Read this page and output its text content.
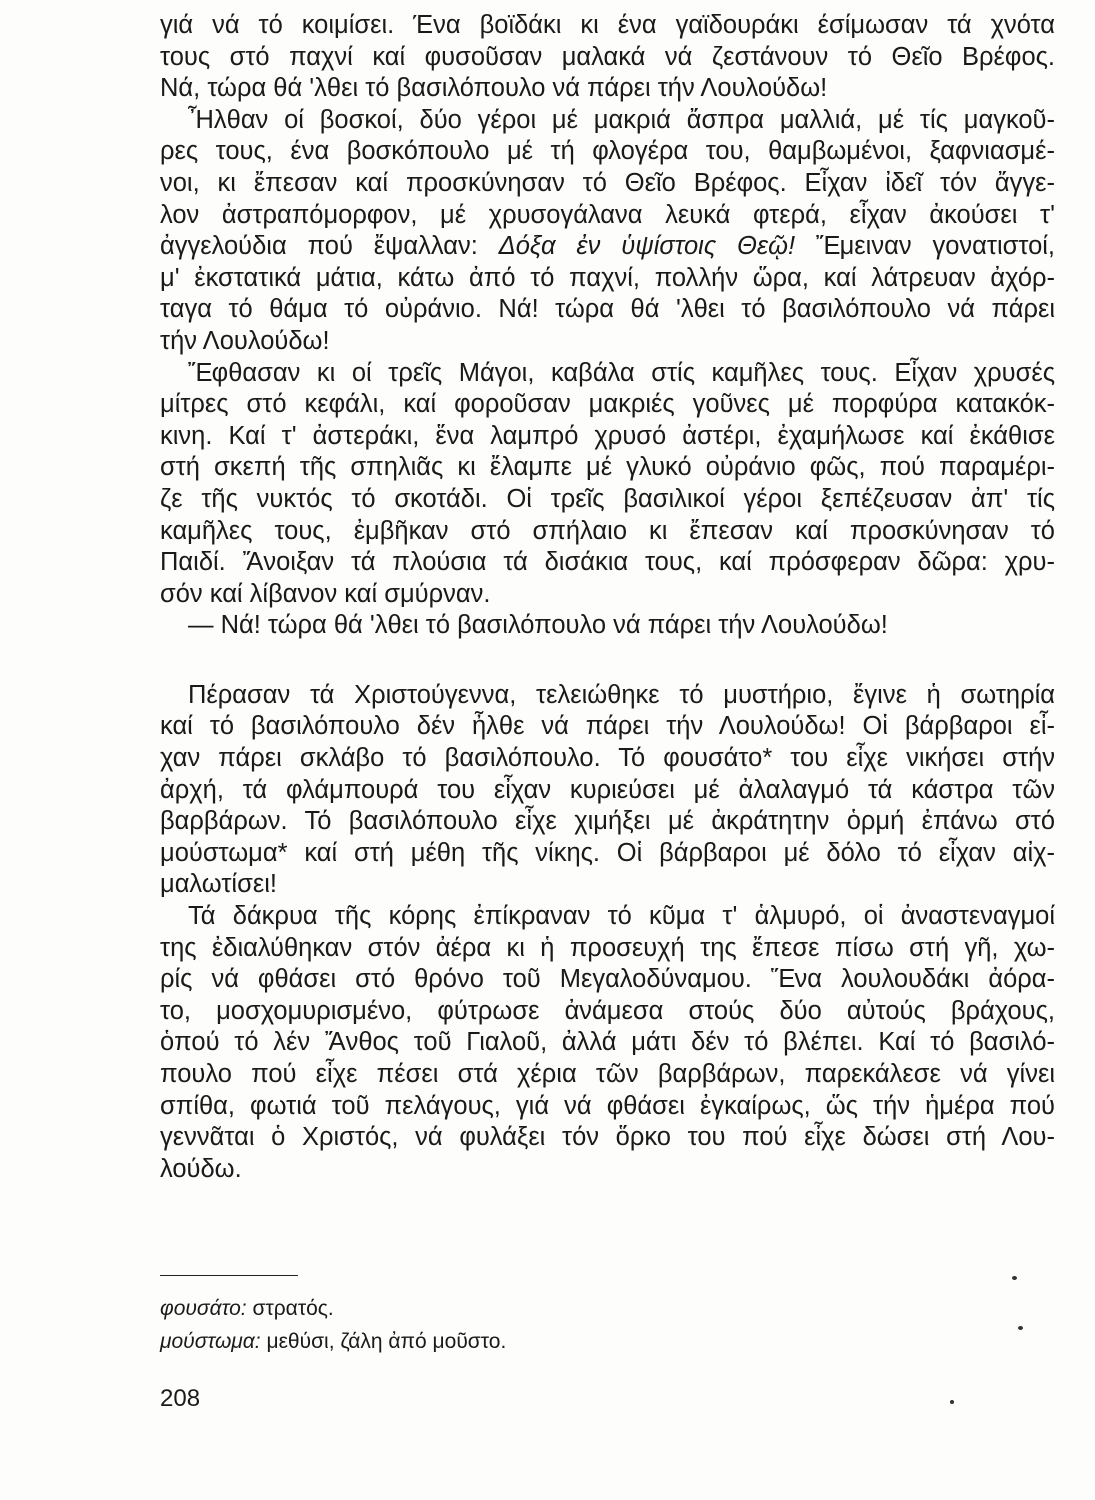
γιά νά τό κοιμίσει. Ένα βοϊδάκι κι ένα γαϊδουράκι έσίμωσαν τά χνότα
τους στό παχνί καί φυσοῦσαν μαλακά νά ζεστάνουν τό Θεῖο Βρέφος.
Νά, τώρα θά 'λθει τό βασιλόπουλο νά πάρει τήν Λουλούδω!
Ἦλθαν οί βοσκοί, δύο γέροι μέ μακριά ἄσπρα μαλλιά, μέ τίς μαγκοῦ-
ρες τους, ένα βοσκόπουλο μέ τή φλογέρα του, θαμβωμένοι, ξαφνιασμέ-
νοι, κι ἔπεσαν καί προσκύνησαν τό Θεῖο Βρέφος. Εἶχαν ἰδεῖ τόν ἄγγε-
λον ἀστραπόμορφον, μέ χρυσογάλανα λευκά φτερά, εἶχαν ἀκούσει τ'
ἀγγελούδια πού ἔψαλλαν: Δόξα ἐν ὑψίστοις Θεῷ! Ἔμειναν γονατιστοί,
μ' ἐκστατικά μάτια, κάτω ἀπό τό παχνί, πολλήν ὥρα, καί λάτρευαν ἀχόρ-
ταγα τό θάμα τό οὐράνιο. Νά! τώρα θά 'λθει τό βασιλόπουλο νά πάρει
τήν Λουλούδω!
Ἔφθασαν κι οί τρεῖς Μάγοι, καβάλα στίς καμῆλες τους. Εἶχαν χρυσές
μίτρες στό κεφάλι, καί φοροῦσαν μακριές γοῦνες μέ πορφύρα κατακόκ-
κινη. Καί τ' ἀστεράκι, ἕνα λαμπρό χρυσό ἀστέρι, ἐχαμήλωσε καί ἐκάθισε
στή σκεπή τῆς σπηλιᾶς κι ἔλαμπε μέ γλυκό οὐράνιο φῶς, πού παραμέρι-
ζε τῆς νυκτός τό σκοτάδι. Οἱ τρεῖς βασιλικοί γέροι ξεπέζευσαν ἀπ' τίς
καμῆλες τους, ἐμβῆκαν στό σπήλαιο κι ἔπεσαν καί προσκύνησαν τό
Παιδί. Ἄνοιξαν τά πλούσια τά δισάκια τους, καί πρόσφεραν δῶρα: χρυ-
σόν καί λίβανον καί σμύρναν.
— Νά! τώρα θά 'λθει τό βασιλόπουλο νά πάρει τήν Λουλούδω!
Πέρασαν τά Χριστούγεννα, τελειώθηκε τό μυστήριο, ἔγινε ἡ σωτηρία
καί τό βασιλόπουλο δέν ἦλθε νά πάρει τήν Λουλούδω! Οἱ βάρβαροι εἶ-
χαν πάρει σκλάβο τό βασιλόπουλο. Τό φουσάτο* του εἶχε νικήσει στήν
ἀρχή, τά φλάμπουρά του εἶχαν κυριεύσει μέ ἀλαλαγμό τά κάστρα τῶν
βαρβάρων. Τό βασιλόπουλο εἶχε χιμήξει μέ ἀκράτητην ὁρμή ἐπάνω στό
μούστωμα* καί στή μέθη τῆς νίκης. Οἱ βάρβαροι μέ δόλο τό εἶχαν αἰχ-
μαλωτίσει!
Τά δάκρυα τῆς κόρης ἐπίκραναν τό κῦμα τ' ἁλμυρό, οἱ ἀναστεναγμοί
της ἐδιαλύθηκαν στόν ἀέρα κι ἡ προσευχή της ἔπεσε πίσω στή γῆ, χω-
ρίς νά φθάσει στό θρόνο τοῦ Μεγαλοδύναμου. Ἕνα λουλουδάκι ἀόρα-
το, μοσχομυρισμένο, φύτρωσε ἀνάμεσα στούς δύο αὐτούς βράχους,
ὁπού τό λέν Ἄνθος τοῦ Γιαλοῦ, ἀλλά μάτι δέν τό βλέπει. Καί τό βασιλό-
πουλο πού εἶχε πέσει στά χέρια τῶν βαρβάρων, παρεκάλεσε νά γίνει
σπίθα, φωτιά τοῦ πελάγους, γιά νά φθάσει ἐγκαίρως, ὥς τήν ἡμέρα πού
γεννᾶται ὁ Χριστός, νά φυλάξει τόν ὅρκο του πού εἶχε δώσει στή Λου-
λούδω.
φουσάτο: στρατός.
μούστωμα: μεθύσι, ζάλη ἀπό μοῦστο.
208
